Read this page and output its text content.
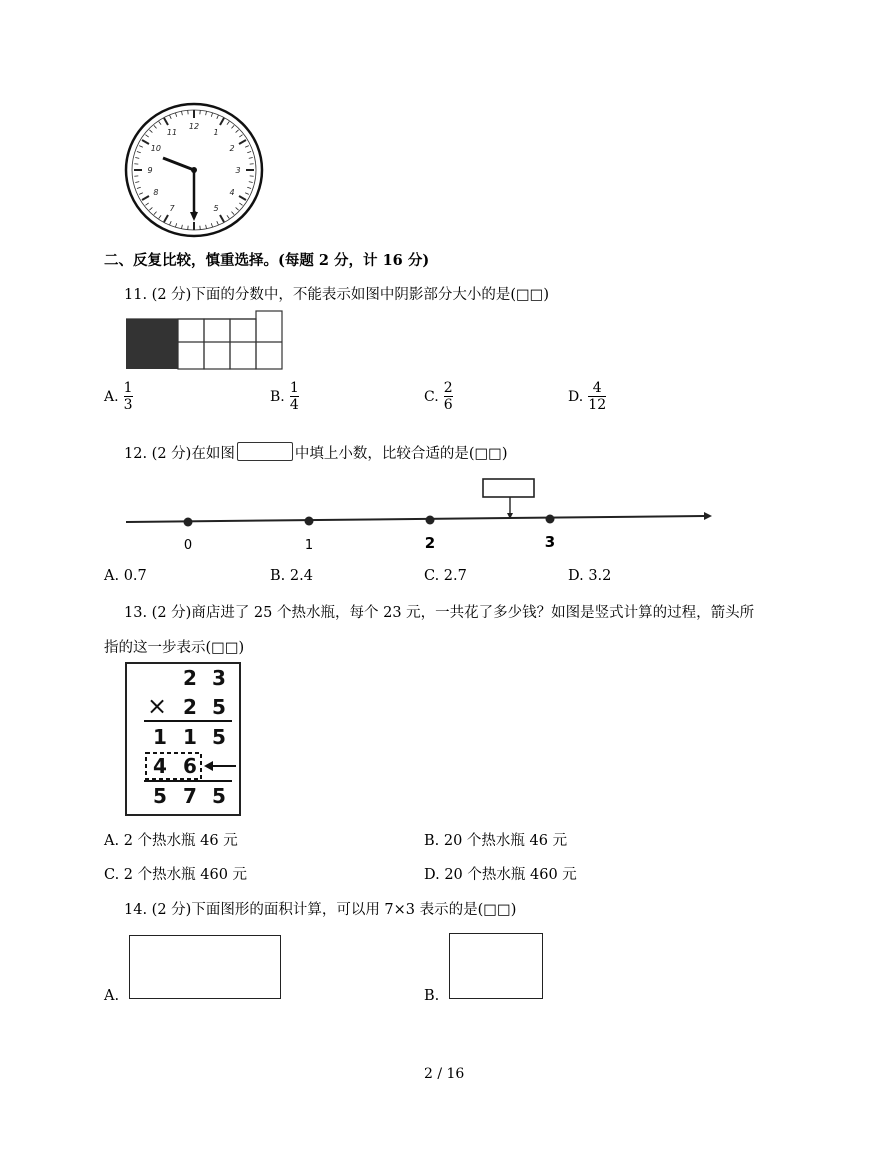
12
1
2
3
4
5
7
8
9
10
11
二、反复比较，慎重选择。(每题 2 分，计 16 分)
11. (2 分)下面的分数中，不能表示如图中阴影部分大小的是(□□)
A. $\frac{1}{3}$	B. $\frac{1}{4}$	C. $\frac{2}{6}$	D. $\frac{4}{12}$
12. (2 分)在如图	中填上小数，比较合适的是(□□)
0	1	2	3
A. 0.7	B. 2.4	C. 2.7	D. 3.2
13. (2 分)商店进了 25 个热水瓶，每个 23 元，一共花了多少钱？如图是竖式计算的过程，箭头所
指的这一步表示(□□)
2 3
× 2 5
1 1 5
4 6
5 7 5
A. 2 个热水瓶 46 元	B. 20 个热水瓶 46 元
C. 2 个热水瓶 460 元	D. 20 个热水瓶 460 元
14. (2 分)下面图形的面积计算，可以用 7×3 表示的是(□□)
A.	B.
2 / 16
